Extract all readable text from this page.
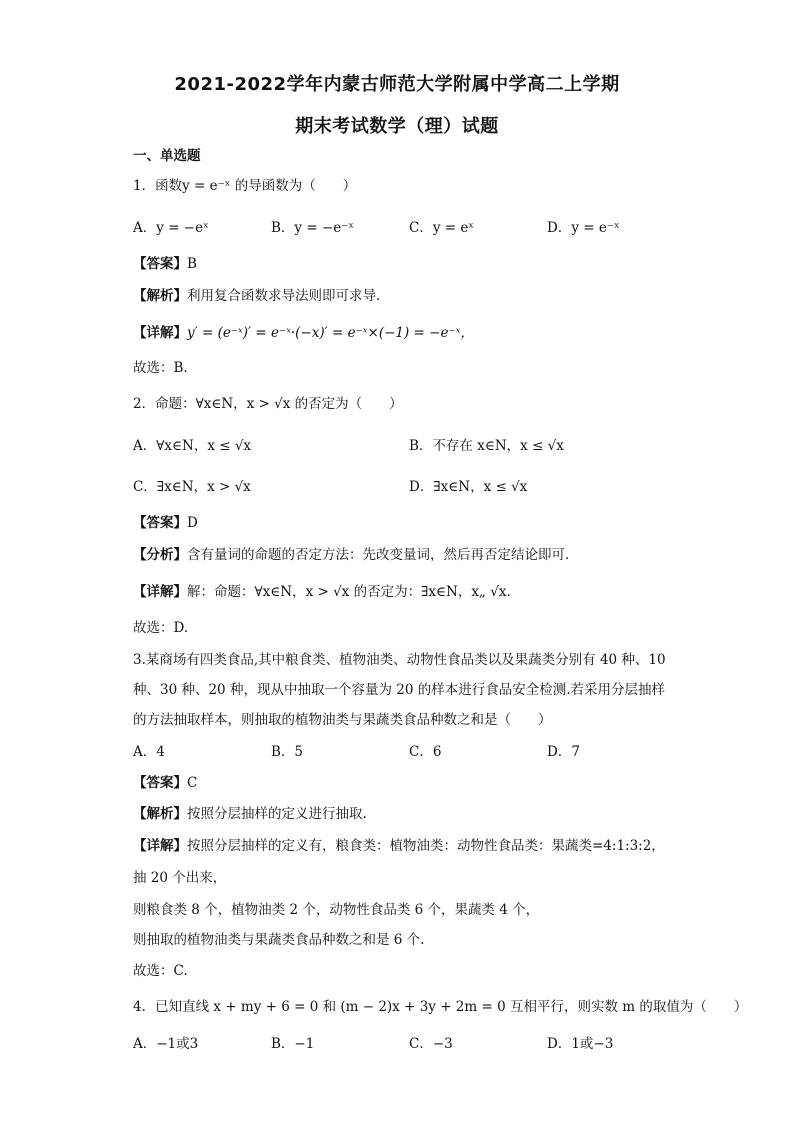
2021-2022学年内蒙古师范大学附属中学高二上学期
期末考试数学（理）试题
一、单选题
1．函数y = e⁻ˣ 的导函数为（　　）
A．y = −eˣ	B．y = −e⁻ˣ	C．y = eˣ	D．y = e⁻ˣ
【答案】B
【解析】利用复合函数求导法则即可求导.
【详解】y′ = (e⁻ˣ)′ = e⁻ˣ·(−x)′ = e⁻ˣ×(−1) = −e⁻ˣ，
故选：B.
2．命题：∀x∈N，x > √x 的否定为（　　）
A．∀x∈N，x ≤ √x	B．不存在 x∈N，x ≤ √x
C．∃x∈N，x > √x	D．∃x∈N，x ≤ √x
【答案】D
【分析】含有量词的命题的否定方法：先改变量词，然后再否定结论即可．
【详解】解：命题：∀x∈N，x > √x 的否定为：∃x∈N，x„ √x．
故选：D.
3.某商场有四类食品,其中粮食类、植物油类、动物性食品类以及果蔬类分别有 40 种、10
种、30 种、20 种，现从中抽取一个容量为 20 的样本进行食品安全检测.若采用分层抽样
的方法抽取样本，则抽取的植物油类与果蔬类食品种数之和是（　　）
A．4	B．5	C．6	D．7
【答案】C
【解析】按照分层抽样的定义进行抽取.
【详解】按照分层抽样的定义有，粮食类：植物油类：动物性食品类：果蔬类=4:1:3:2，
抽 20 个出来，
则粮食类 8 个，植物油类 2 个，动物性食品类 6 个，果蔬类 4 个，
则抽取的植物油类与果蔬类食品种数之和是 6 个.
故选：C.
4．已知直线 x + my + 6 = 0 和 (m − 2)x + 3y + 2m = 0 互相平行，则实数 m 的取值为（　　）
A．−1或3	B．−1	C．−3	D．1或−3
